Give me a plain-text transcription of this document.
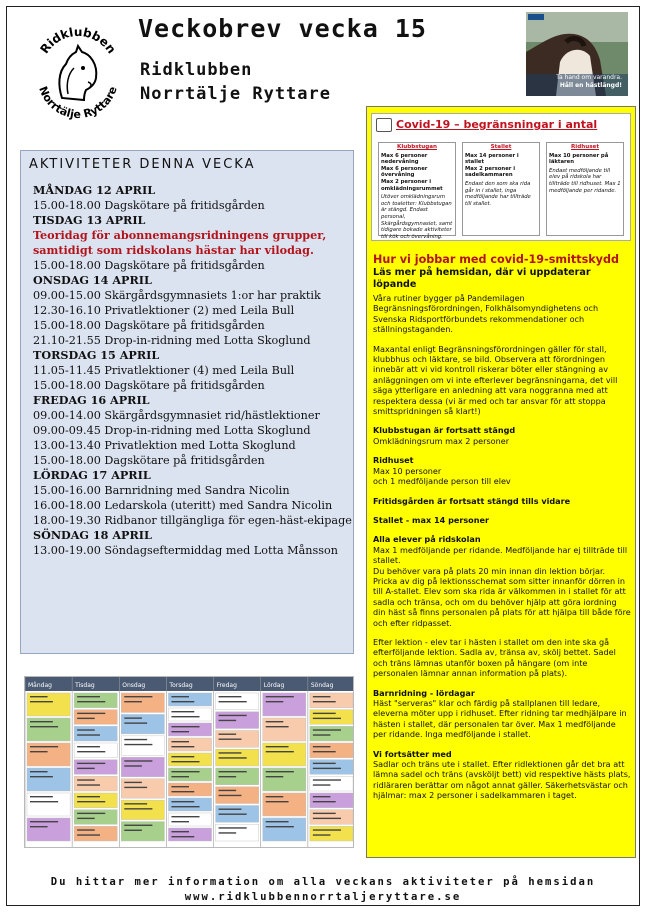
Ridklubben
Norrtälje Ryttare
Veckobrev vecka 15
Ridklubben
Norrtälje Ryttare
Ta hand om varandra.
Håll en hästlängd!
AKTIVITETER DENNA VECKA
MÅNDAG 12 APRIL
15.00-18.00 Dagskötare på fritidsgården
TISDAG 13 APRIL
Teoridag för abonnemangsridningens grupper, samtidigt som ridskolans hästar har vilodag.
15.00-18.00 Dagskötare på fritidsgården
ONSDAG 14 APRIL
09.00-15.00 Skärgårdsgymnasiets 1:or har praktik
12.30-16.10 Privatlektioner (2) med Leila Bull
15.00-18.00 Dagskötare på fritidsgården
21.10-21.55 Drop-in-ridning med Lotta Skoglund
TORSDAG 15 APRIL
11.05-11.45 Privatlektioner (4) med Leila Bull
15.00-18.00 Dagskötare på fritidsgården
FREDAG 16 APRIL
09.00-14.00 Skärgårdsgymnasiet rid/hästlektioner
09.00-09.45 Drop-in-ridning med Lotta Skoglund
13.00-13.40 Privatlektion med Lotta Skoglund
15.00-18.00 Dagskötare på fritidsgården
LÖRDAG 17 APRIL
15.00-16.00 Barnridning med Sandra Nicolin
16.00-18.00 Ledarskola (uteritt) med Sandra Nicolin
18.00-19.30 Ridbanor tillgängliga för egen-häst-ekipage
SÖNDAG 18 APRIL
13.00-19.00 Söndagseftermiddag med Lotta Månsson
Måndag	Tisdag	Onsdag	Torsdag	Fredag	Lördag	Söndag
Covid-19 – begränsningar i antal
Klubbstugan
Max 6 personer nedervåning
Max 6 personer övervåning
Max 2 personer i omklädningsrummet
Utöver omklädningsrum och toaletter: Klubbstugan är stängd. Endast personal, Skärgårdsgymnasiet, samt tidigare bokade aktiviteter till kök och övervåning.
Stallet
Max 14 personer i stallet
Max 2 personer i sadelkammaren
Endast den som ska rida går in i stallet, inga medföljande har tillträde till stallet.
Ridhuset
Max 10 personer på läktaren
Endast medföljande till elev på ridskola har tillträde till ridhuset. Max 1 medföljande per ridande.
Hur vi jobbar med covid-19-smittskydd
Läs mer på hemsidan, där vi uppdaterar löpande
Våra rutiner bygger på Pandemilagen Begränsningsförordningen, Folkhälsomyndighetens och Svenska Ridsportförbundets rekommendationer och ställningstaganden.
Maxantal enligt Begränsningsförordningen gäller för stall, klubbhus och läktare, se bild. Observera att förordningen innebär att vi vid kontroll riskerar böter eller stängning av anläggningen om vi inte efterlever begränsningarna, det vill säga ytterligare en anledning att vara noggranna med att respektera dessa (vi är med och tar ansvar för att stoppa smittspridningen så klart!)
Klubbstugan är fortsatt stängd
Omklädningsrum max 2 personer
Ridhuset
Max 10 personer
och 1 medföljande person till elev
Fritidsgården är fortsatt stängd tills vidare
Stallet - max 14 personer
Alla elever på ridskolan
Max 1 medföljande per ridande. Medföljande har ej tillträde till stallet.
Du behöver vara på plats 20 min innan din lektion börjar. Pricka av dig på lektionsschemat som sitter innanför dörren in till A-stallet. Elev som ska rida är välkommen in i stallet för att sadla och tränsa, och om du behöver hjälp att göra iordning din häst så finns personalen på plats för att hjälpa till både före och efter ridpasset.
Efter lektion - elev tar i hästen i stallet om den inte ska gå efterföljande lektion. Sadla av, tränsa av, skölj bettet. Sadel och träns lämnas utanför boxen på hängare (om inte personalen lämnar annan information på plats).
Barnridning - lördagar
Häst "serveras" klar och färdig på stallplanen till ledare, eleverna möter upp i ridhuset. Efter ridning tar medhjälpare in hästen i stallet, där personalen tar över. Max 1 medföljande per ridande. Inga medföljande i stallet.
Vi fortsätter med
Sadlar och träns ute i stallet. Efter ridlektionen går det bra att lämna sadel och träns (avsköljt bett) vid respektive hästs plats, ridläraren berättar om något annat gäller. Säkerhetsvästar och hjälmar: max 2 personer i sadelkammaren i taget.
Du hittar mer information om alla veckans aktiviteter på hemsidan
www.ridklubbennorrtaljeryttare.se
